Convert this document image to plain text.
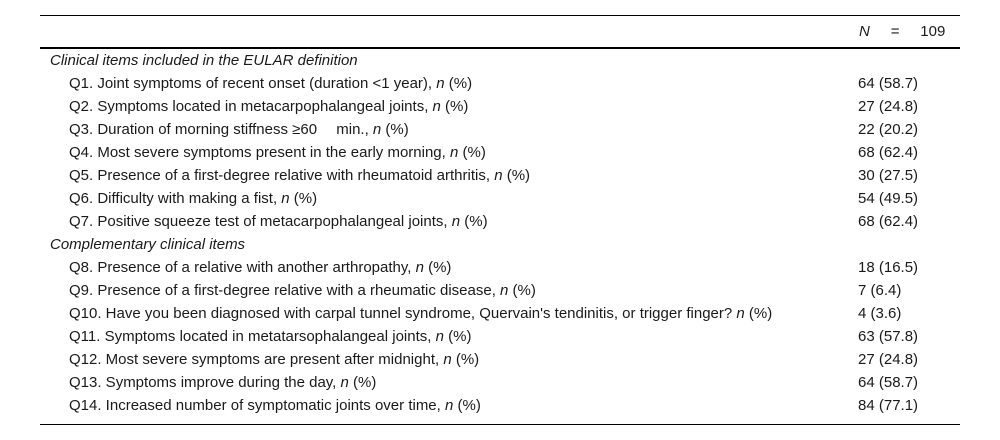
N = 109
Clinical items included in the EULAR definition
Q1. Joint symptoms of recent onset (duration <1 year), n (%)	64 (58.7)
Q2. Symptoms located in metacarpophalangeal joints, n (%)	27 (24.8)
Q3. Duration of morning stiffness ≥60  min., n (%)	22 (20.2)
Q4. Most severe symptoms present in the early morning, n (%)	68 (62.4)
Q5. Presence of a first-degree relative with rheumatoid arthritis, n (%)	30 (27.5)
Q6. Difficulty with making a fist, n (%)	54 (49.5)
Q7. Positive squeeze test of metacarpophalangeal joints, n (%)	68 (62.4)
Complementary clinical items
Q8. Presence of a relative with another arthropathy, n (%)	18 (16.5)
Q9. Presence of a first-degree relative with a rheumatic disease, n (%)	7 (6.4)
Q10. Have you been diagnosed with carpal tunnel syndrome, Quervain's tendinitis, or trigger finger? n (%)	4 (3.6)
Q11. Symptoms located in metatarsophalangeal joints, n (%)	63 (57.8)
Q12. Most severe symptoms are present after midnight, n (%)	27 (24.8)
Q13. Symptoms improve during the day, n (%)	64 (58.7)
Q14. Increased number of symptomatic joints over time, n (%)	84 (77.1)
